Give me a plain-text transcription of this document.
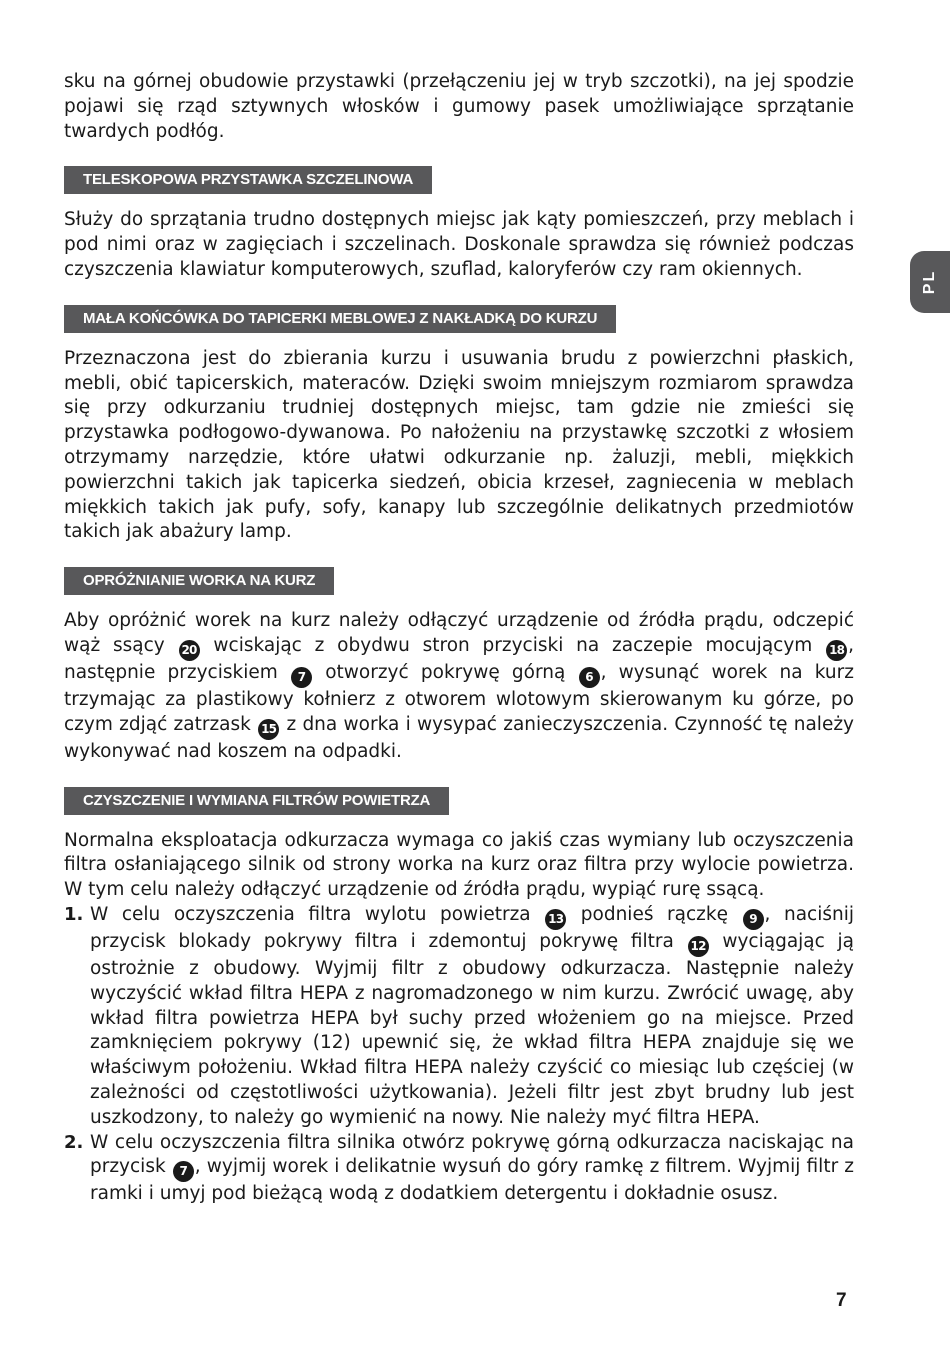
PL

sku na górnej obudowie przystawki (przełączeniu jej w tryb szczotki), na jej spodzie pojawi się rząd sztywnych włosków i gumowy pasek umożliwiające sprzątanie twardych podłóg.

TELESKOPOWA PRZYSTAWKA SZCZELINOWA

Służy do sprzątania trudno dostępnych miejsc jak kąty pomieszczeń, przy meblach i pod nimi oraz w zagięciach i szczelinach. Doskonale sprawdza się również podczas czyszczenia klawiatur komputerowych, szuflad, kaloryferów czy ram okiennych.

MAŁA KOŃCÓWKA DO TAPICERKI MEBLOWEJ Z NAKŁADKĄ DO KURZU

Przeznaczona jest do zbierania kurzu i usuwania brudu z powierzchni płaskich, mebli, obić tapicerskich, materaców. Dzięki swoim mniejszym rozmiarom sprawdza się przy odkurzaniu trudniej dostępnych miejsc, tam gdzie nie zmieści się przystawka podłogowo-dywanowa. Po nałożeniu na przystawkę szczotki z włosiem otrzymamy narzędzie, które ułatwi odkurzanie np. żaluzji, mebli, miękkich powierzchni takich jak tapicerka siedzeń, obicia krzeseł, zagniecenia w meblach miękkich takich jak pufy, sofy, kanapy lub szczególnie delikatnych przedmiotów takich jak abażury lamp.

OPRÓŻNIANIE WORKA NA KURZ

Aby opróżnić worek na kurz należy odłączyć urządzenie od źródła prądu, odczepić wąż ssący 20 wciskając z obydwu stron przyciski na zaczepie mocującym 18 , następnie przyciskiem 7 otworzyć pokrywę górną 6 , wysunąć worek na kurz trzymając za plastikowy kołnierz z otworem wlotowym skierowanym ku górze, po czym zdjąć zatrzask 15 z dna worka i wysypać zanieczyszczenia. Czynność tę należy wykonywać nad koszem na odpadki.

CZYSZCZENIE I WYMIANA FILTRÓW POWIETRZA

Normalna eksploatacja odkurzacza wymaga co jakiś czas wymiany lub oczyszczenia filtra osłaniającego silnik od strony worka na kurz oraz filtra przy wylocie powietrza. W tym celu należy odłączyć urządzenie od źródła prądu, wypiąć rurę ssącą.

1. W celu oczyszczenia filtra wylotu powietrza 13 podnieś rączkę 9 , naciśnij przycisk blokady pokrywy filtra i zdemontuj pokrywę filtra 12 wyciągając ją ostrożnie z obudowy. Wyjmij filtr z obudowy odkurzacza. Następnie należy wyczyścić wkład filtra HEPA z nagromadzonego w nim kurzu. Zwrócić uwagę, aby wkład filtra powietrza HEPA był suchy przed włożeniem go na miejsce. Przed zamknięciem pokrywy (12) upewnić się, że wkład filtra HEPA znajduje się we właściwym położeniu. Wkład filtra HEPA należy czyścić co miesiąc lub częściej (w zależności od częstotliwości użytkowania). Jeżeli filtr jest zbyt brudny lub jest uszkodzony, to należy go wymienić na nowy. Nie należy myć filtra HEPA.

2. W celu oczyszczenia filtra silnika otwórz pokrywę górną odkurzacza naciskając na przycisk 7 , wyjmij worek i delikatnie wysuń do góry ramkę z filtrem. Wyjmij filtr z ramki i umyj pod bieżącą wodą z dodatkiem detergentu i dokładnie osusz.

7
